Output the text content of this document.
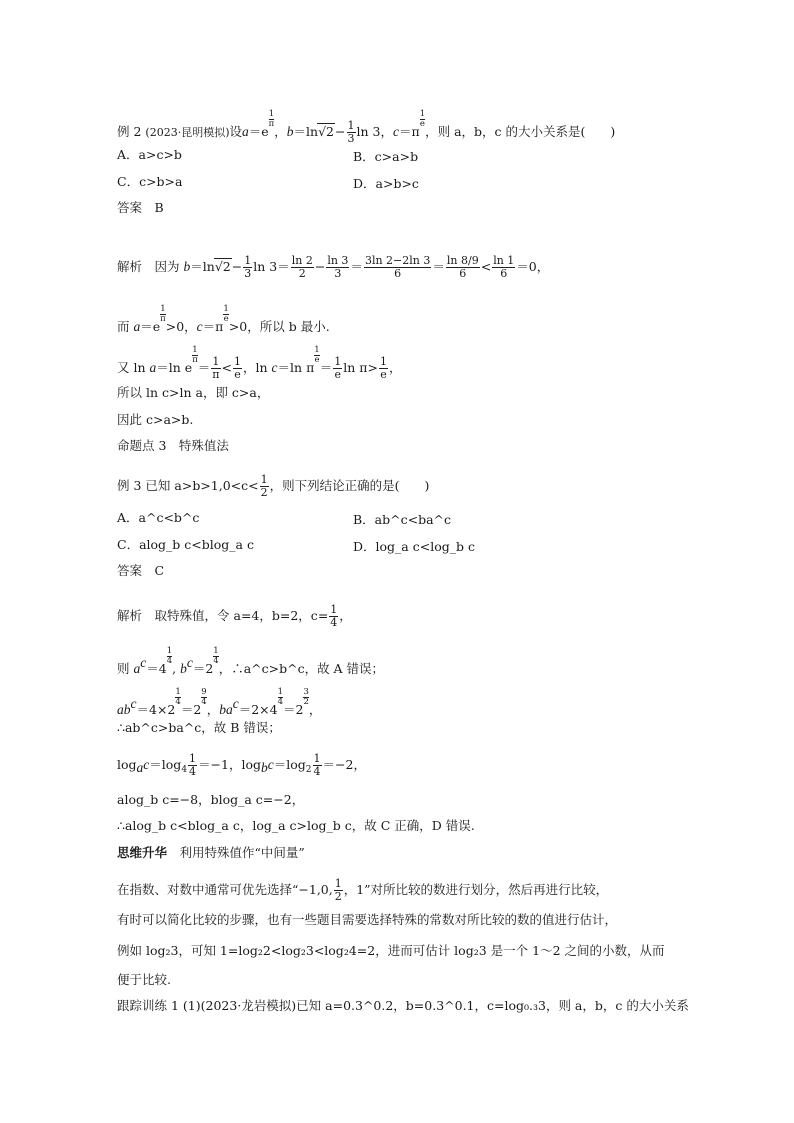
例 2 (2023·昆明模拟)设a＝e
$\frac{1}{\pi}$
，$b=\ln√2- \frac{1}{3}$ ln 3，c＝π
$\frac{1}{e}$
，则 a，b，c 的大小关系是(　　)
A．a>c>b	B．c>a>b
C．c>b>a	D．a>b>c
答案　 B
解析　 因为 $b=\ln√2- \frac{1}{3}$ $\ln 3= \frac{\ln 2}{2} - \frac{\ln 3}{3} = \frac{3\ln 2-2\ln 3}{6} = \frac{\ln 8/9}{6} < \frac{\ln 1}{6} =0$，
而 a＝e
$\frac{1}{\pi}$
>0，c＝π
$\frac{1}{e}$
>0，所以 b 最小.
又 ln a＝ln e
$\frac{1}{\pi}$
＝ $\frac{1}{\pi} < \frac{1}{e}$ ，ln c＝ln π
$\frac{1}{e}$
＝ $\frac{1}{e}$ $\ln \pi> \frac{1}{e}$ ，
所以 ln c>ln a，即 c>a，
因此 c>a>b.
命题点 3　特殊值法
例 3 已知 $a>b>1,0<c< \frac{1}{2}$ ，则下列结论正确的是(　　)
A．a^c<b^c	B．ab^c<ba^c
C．alog_b c<blog_a c	D．log_a c<log_b c
答案　 C
解析　 取特殊值，令 a=4，b=2，$c= \frac{1}{4}$ ，
则 $a^c=4$
$\frac{1}{4}$
, $b^c=2$
$\frac{1}{4}$
，∴a^c>b^c，故 A 错误；
$ab^c=4\times 2$
$\frac{1}{4}$
＝2
$\frac{9}{4}$
，$ba^c=2\times 4$
$\frac{1}{4}$
＝2
$\frac{3}{2}$
，
∴ab^c>ba^c，故 B 错误；
$\log_ac=\log_4 \frac{1}{4} =-1$，$\log_bc=\log_2 \frac{1}{4} =-2$，
alog_b c=−8，blog_a c=−2，
∴alog_b c<blog_a c，log_a c>log_b c，故 C 正确，D 错误.
思维升华　 利用特殊值作“中间量”
在指数、对数中通常可优先选择“−1,0, $\frac{1}{2}$ ，1”对所比较的数进行划分，然后再进行比较，
有时可以简化比较的步骤，也有一些题目需要选择特殊的常数对所比较的数的值进行估计，
例如 log₂3，可知 1=log₂2<log₂3<log₂4=2，进而可估计 log₂3 是一个 1～2 之间的小数，从而
便于比较.
跟踪训练 1 (1)(2023·龙岩模拟)已知 a=0.3^0.2，b=0.3^0.1，c=log₀.₃3，则 a，b，c 的大小关系
